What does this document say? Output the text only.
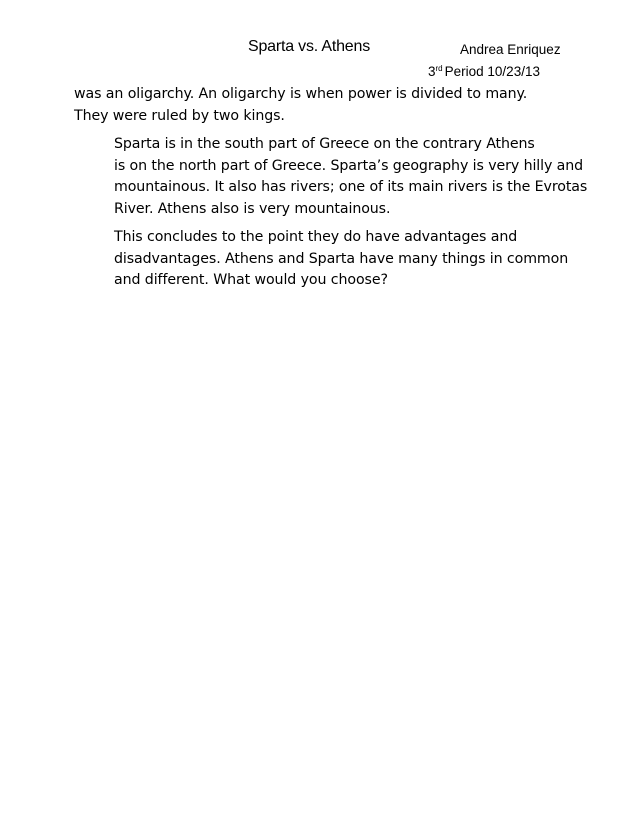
Sparta vs. Athens	Andrea Enriquez
3rd Period 10/23/13

was an oligarchy. An oligarchy is when power is divided to many.
They were ruled by two kings.

Sparta is in the south part of Greece on the contrary Athens
is on the north part of Greece. Sparta’s geography is very hilly and
mountainous. It also has rivers; one of its main rivers is the Evrotas
River. Athens also is very mountainous.

This concludes to the point they do have advantages and
disadvantages. Athens and Sparta have many things in common
and different. What would you choose?
